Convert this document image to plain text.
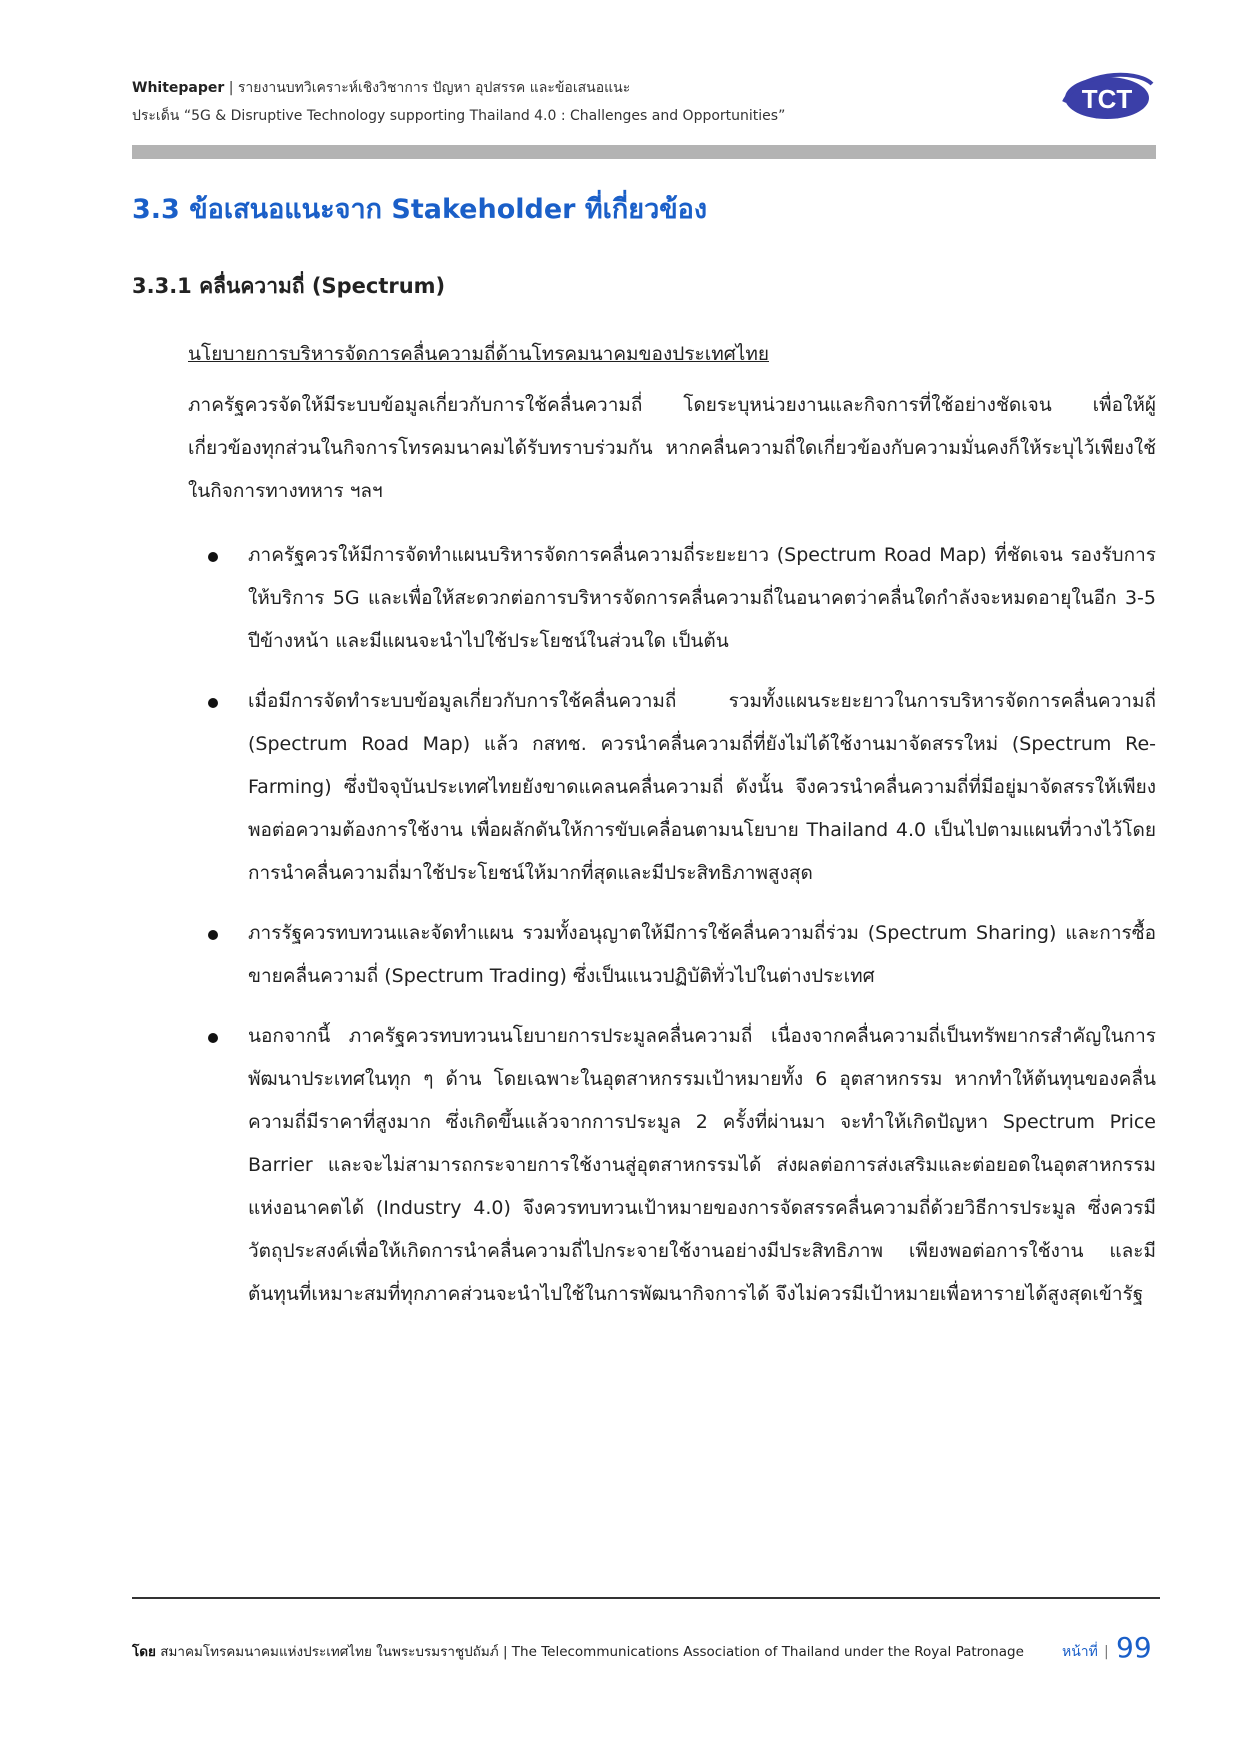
Whitepaper | รายงานบทวิเคราะห์เชิงวิชาการ ปัญหา อุปสรรค และข้อเสนอแนะ

ประเด็น “5G & Disruptive Technology supporting Thailand 4.0 : Challenges and Opportunities”

TCT
3.3 ข้อเสนอแนะจาก Stakeholder ที่เกี่ยวข้อง
3.3.1 คลื่นความถี่ (Spectrum)

นโยบายการบริหารจัดการคลื่นความถี่ด้านโทรคมนาคมของประเทศไทย

ภาครัฐควรจัดให้มีระบบข้อมูลเกี่ยวกับการใช้คลื่นความถี่ โดยระบุหน่วยงานและกิจการที่ใช้อย่างชัดเจน เพื่อให้ผู้เกี่ยวข้องทุกส่วนในกิจการโทรคมนาคมได้รับทราบร่วมกัน หากคลื่นความถี่ใดเกี่ยวข้องกับความมั่นคงก็ให้ระบุไว้เพียงใช้ในกิจการทางทหาร ฯลฯ

ภาครัฐควรให้มีการจัดทำแผนบริหารจัดการคลื่นความถี่ระยะยาว (Spectrum Road Map) ที่ชัดเจน รองรับการให้บริการ 5G และเพื่อให้สะดวกต่อการบริหารจัดการคลื่นความถี่ในอนาคตว่าคลื่นใดกำลังจะหมดอายุในอีก 3-5 ปีข้างหน้า และมีแผนจะนำไปใช้ประโยชน์ในส่วนใด เป็นต้น
เมื่อมีการจัดทำระบบข้อมูลเกี่ยวกับการใช้คลื่นความถี่ รวมทั้งแผนระยะยาวในการบริหารจัดการคลื่นความถี่ (Spectrum Road Map) แล้ว กสทช. ควรนำคลื่นความถี่ที่ยังไม่ได้ใช้งานมาจัดสรรใหม่ (Spectrum Re-Farming) ซึ่งปัจจุบันประเทศไทยยังขาดแคลนคลื่นความถี่ ดังนั้น จึงควรนำคลื่นความถี่ที่มีอยู่มาจัดสรรให้เพียงพอต่อความต้องการใช้งาน เพื่อผลักดันให้การขับเคลื่อนตามนโยบาย Thailand 4.0 เป็นไปตามแผนที่วางไว้โดยการนำคลื่นความถี่มาใช้ประโยชน์ให้มากที่สุดและมีประสิทธิภาพสูงสุด
ภารรัฐควรทบทวนและจัดทำแผน รวมทั้งอนุญาตให้มีการใช้คลื่นความถี่ร่วม (Spectrum Sharing) และการซื้อขายคลื่นความถี่ (Spectrum Trading) ซึ่งเป็นแนวปฏิบัติทั่วไปในต่างประเทศ
นอกจากนี้ ภาครัฐควรทบทวนนโยบายการประมูลคลื่นความถี่ เนื่องจากคลื่นความถี่เป็นทรัพยากรสำคัญในการพัฒนาประเทศในทุก ๆ ด้าน โดยเฉพาะในอุตสาหกรรมเป้าหมายทั้ง 6 อุตสาหกรรม หากทำให้ต้นทุนของคลื่นความถี่มีราคาที่สูงมาก ซึ่งเกิดขึ้นแล้วจากการประมูล 2 ครั้งที่ผ่านมา จะทำให้เกิดปัญหา Spectrum Price Barrier และจะไม่สามารถกระจายการใช้งานสู่อุตสาหกรรมได้ ส่งผลต่อการส่งเสริมและต่อยอดในอุตสาหกรรมแห่งอนาคตได้ (Industry 4.0) จึงควรทบทวนเป้าหมายของการจัดสรรคลื่นความถี่ด้วยวิธีการประมูล ซึ่งควรมีวัตถุประสงค์เพื่อให้เกิดการนำคลื่นความถี่ไปกระจายใช้งานอย่างมีประสิทธิภาพ เพียงพอต่อการใช้งาน และมีต้นทุนที่เหมาะสมที่ทุกภาคส่วนจะนำไปใช้ในการพัฒนากิจการได้ จึงไม่ควรมีเป้าหมายเพื่อหารายได้สูงสุดเข้ารัฐ
โดย สมาคมโทรคมนาคมแห่งประเทศไทย ในพระบรมราชูปถัมภ์ | The Telecommunications Association of Thailand under the Royal Patronage	หน้าที่ | 99
